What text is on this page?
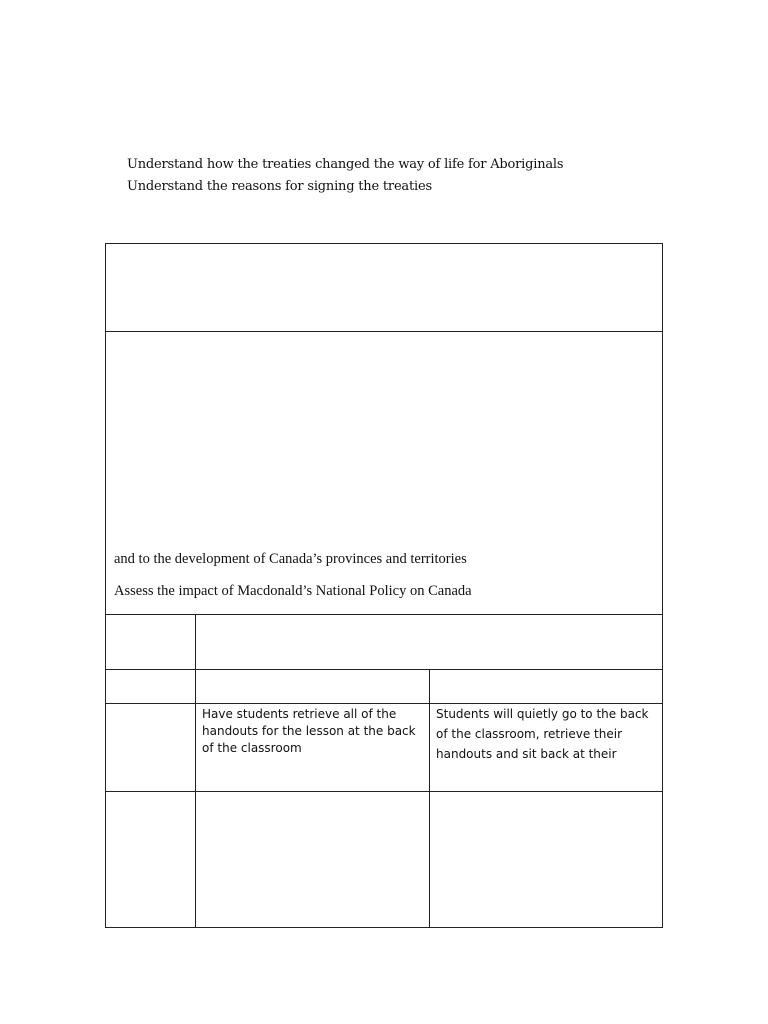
Understand how the treaties changed the way of life for Aboriginals
Understand the reasons for signing the treaties

and to the development of Canada’s provinces and territories
Assess the impact of Macdonald’s National Policy on Canada		

	Have students retrieve all of the handouts for the lesson at the back of the classroom	Students will quietly go to the back of the classroom, retrieve their handouts and sit back at their
